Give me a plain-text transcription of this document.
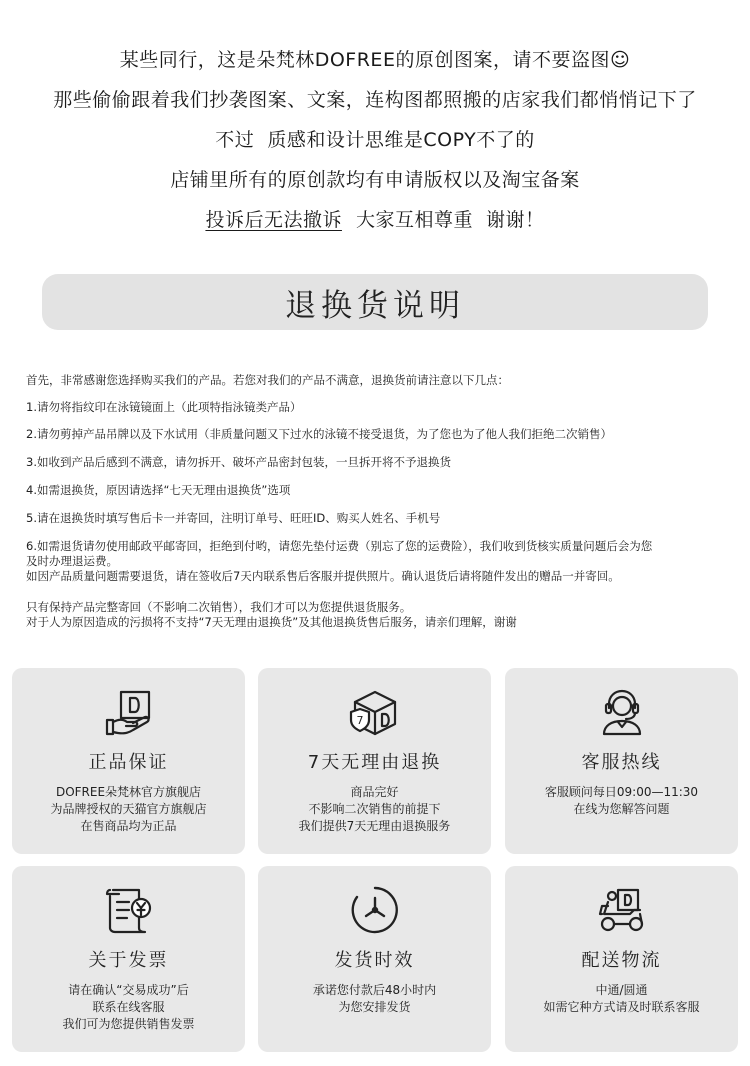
某些同行，这是朵梵林DOFREE的原创图案，请不要盗图☺
那些偷偷跟着我们抄袭图案、文案，连构图都照搬的店家我们都悄悄记下了
不过  质感和设计思维是COPY不了的
店铺里所有的原创款均有申请版权以及淘宝备案
投诉后无法撤诉 大家互相尊重  谢谢！
退换货说明
首先，非常感谢您选择购买我们的产品。若您对我们的产品不满意，退换货前请注意以下几点：
1.请勿将指纹印在泳镜镜面上（此项特指泳镜类产品）
2.请勿剪掉产品吊牌以及下水试用（非质量问题又下过水的泳镜不接受退货，为了您也为了他人我们拒绝二次销售）
3.如收到产品后感到不满意，请勿拆开、破坏产品密封包装，一旦拆开将不予退换货
4.如需退换货，原因请选择“七天无理由退换货”选项
5.请在退换货时填写售后卡一并寄回，注明订单号、旺旺ID、购买人姓名、手机号
6.如需退货请勿使用邮政平邮寄回，拒绝到付哟，请您先垫付运费（别忘了您的运费险），我们收到货核实质量问题后会为您
及时办理退运费。
如因产品质量问题需要退货，请在签收后7天内联系售后客服并提供照片。确认退货后请将随件发出的赠品一并寄回。
只有保持产品完整寄回（不影响二次销售），我们才可以为您提供退货服务。
对于人为原因造成的污损将不支持“7天无理由退换货”及其他退换货售后服务，请亲们理解，谢谢
正品保证
DOFREE朵梵林官方旗舰店
为品牌授权的天猫官方旗舰店
在售商品均为正品
7
7天无理由退换
商品完好
不影响二次销售的前提下
我们提供7天无理由退换服务
客服热线
客服顾问每日09:00—11:30
在线为您解答问题
关于发票
请在确认“交易成功”后
联系在线客服
我们可为您提供销售发票
发货时效
承诺您付款后48小时内
为您安排发货
配送物流
中通/圆通
如需它种方式请及时联系客服
